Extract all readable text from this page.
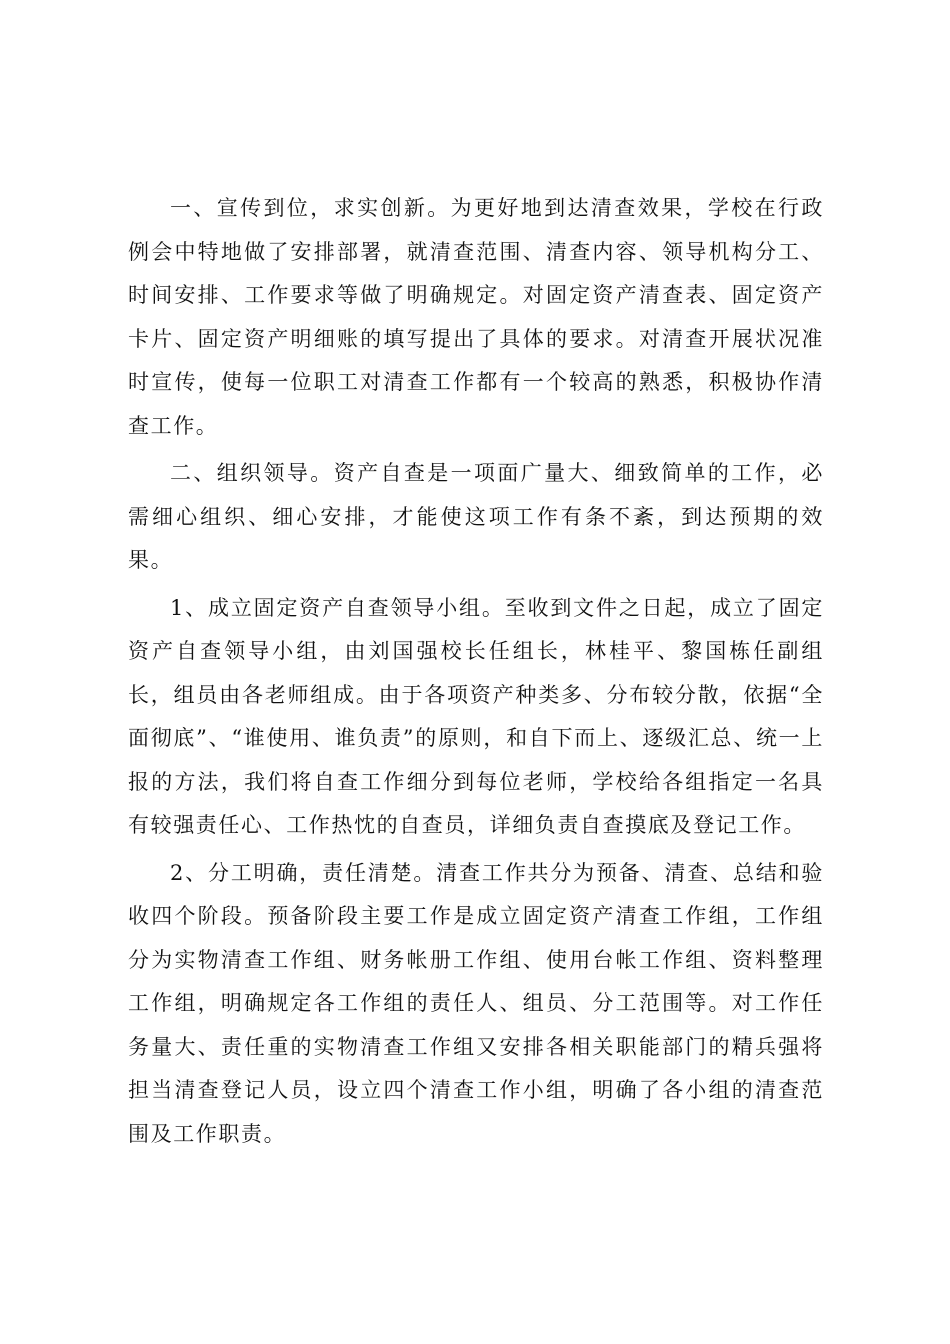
一、宣传到位，求实创新。为更好地到达清查效果，学校在行政例会中特地做了安排部署，就清查范围、清查内容、领导机构分工、时间安排、工作要求等做了明确规定。对固定资产清查表、固定资产卡片、固定资产明细账的填写提出了具体的要求。对清查开展状况准时宣传，使每一位职工对清查工作都有一个较高的熟悉，积极协作清查工作。

二、组织领导。资产自查是一项面广量大、细致简单的工作，必需细心组织、细心安排，才能使这项工作有条不紊，到达预期的效果。

1、成立固定资产自查领导小组。至收到文件之日起，成立了固定资产自查领导小组，由刘国强校长任组长，林桂平、黎国栋任副组长，组员由各老师组成。由于各项资产种类多、分布较分散，依据“全面彻底”、“谁使用、谁负责”的原则，和自下而上、逐级汇总、统一上报的方法，我们将自查工作细分到每位老师，学校给各组指定一名具有较强责任心、工作热忱的自查员，详细负责自查摸底及登记工作。

2、分工明确，责任清楚。清查工作共分为预备、清查、总结和验收四个阶段。预备阶段主要工作是成立固定资产清查工作组，工作组分为实物清查工作组、财务帐册工作组、使用台帐工作组、资料整理工作组，明确规定各工作组的责任人、组员、分工范围等。对工作任务量大、责任重的实物清查工作组又安排各相关职能部门的精兵强将担当清查登记人员，设立四个清查工作小组，明确了各小组的清查范围及工作职责。
